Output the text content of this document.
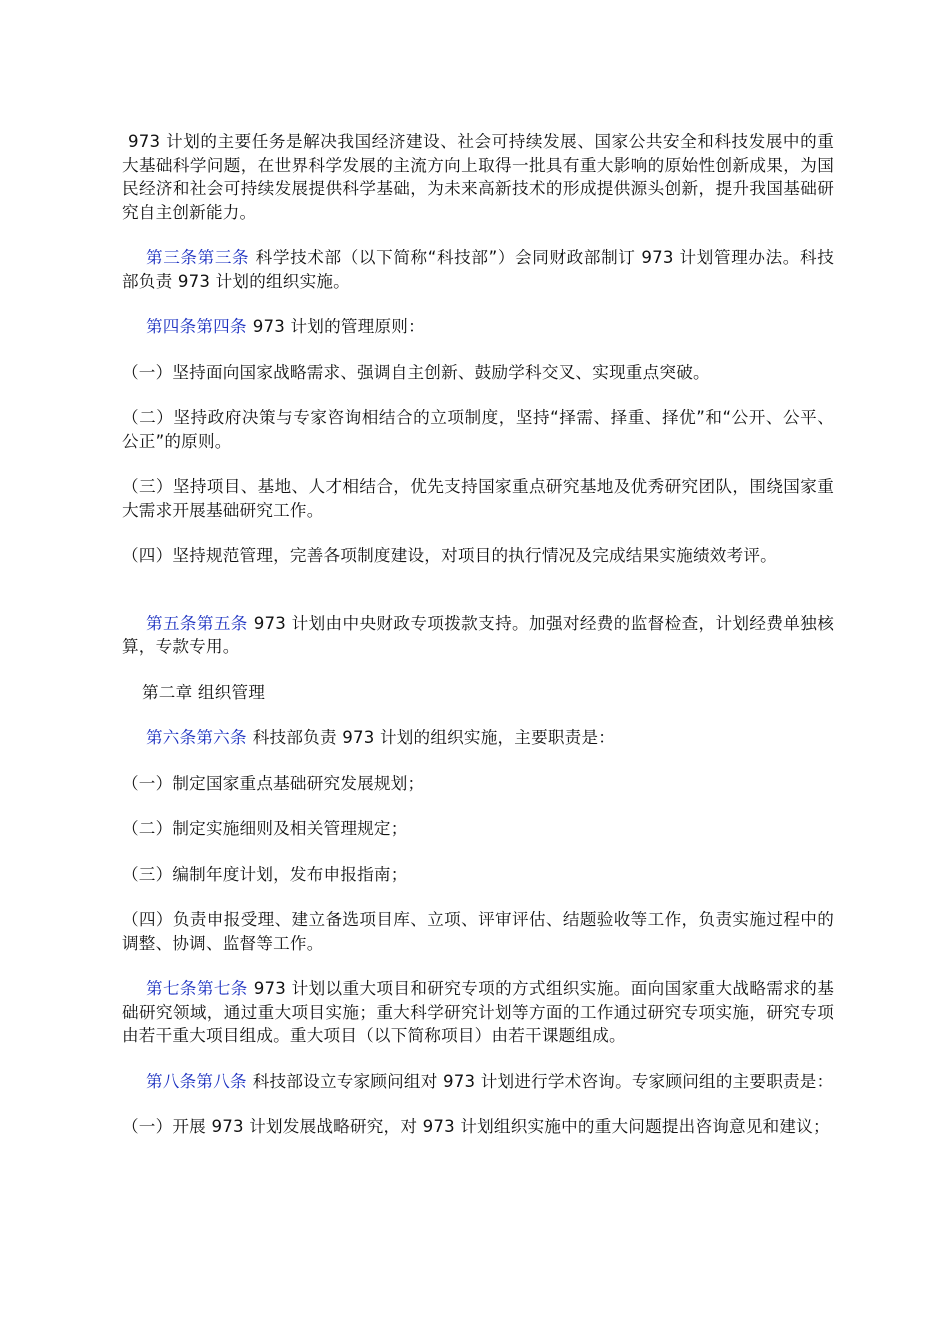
973 计划的主要任务是解决我国经济建设、社会可持续发展、国家公共安全和科技发展中的重大基础科学问题，在世界科学发展的主流方向上取得一批具有重大影响的原始性创新成果，为国民经济和社会可持续发展提供科学基础，为未来高新技术的形成提供源头创新，提升我国基础研究自主创新能力。

第三条第三条 科学技术部（以下简称“科技部”）会同财政部制订 973 计划管理办法。科技部负责 973 计划的组织实施。

第四条第四条 973 计划的管理原则：

（一）坚持面向国家战略需求、强调自主创新、鼓励学科交叉、实现重点突破。

（二）坚持政府决策与专家咨询相结合的立项制度，坚持“择需、择重、择优”和“公开、公平、公正”的原则。

（三）坚持项目、基地、人才相结合，优先支持国家重点研究基地及优秀研究团队，围绕国家重大需求开展基础研究工作。

（四）坚持规范管理，完善各项制度建设，对项目的执行情况及完成结果实施绩效考评。

第五条第五条 973 计划由中央财政专项拨款支持。加强对经费的监督检查，计划经费单独核算，专款专用。

第二章 组织管理

第六条第六条 科技部负责 973 计划的组织实施，主要职责是：

（一）制定国家重点基础研究发展规划；

（二）制定实施细则及相关管理规定；

（三）编制年度计划，发布申报指南；

（四）负责申报受理、建立备选项目库、立项、评审评估、结题验收等工作，负责实施过程中的调整、协调、监督等工作。

第七条第七条 973 计划以重大项目和研究专项的方式组织实施。面向国家重大战略需求的基础研究领域，通过重大项目实施；重大科学研究计划等方面的工作通过研究专项实施，研究专项由若干重大项目组成。重大项目（以下简称项目）由若干课题组成。

第八条第八条 科技部设立专家顾问组对 973 计划进行学术咨询。专家顾问组的主要职责是：

（一）开展 973 计划发展战略研究，对 973 计划组织实施中的重大问题提出咨询意见和建议；
